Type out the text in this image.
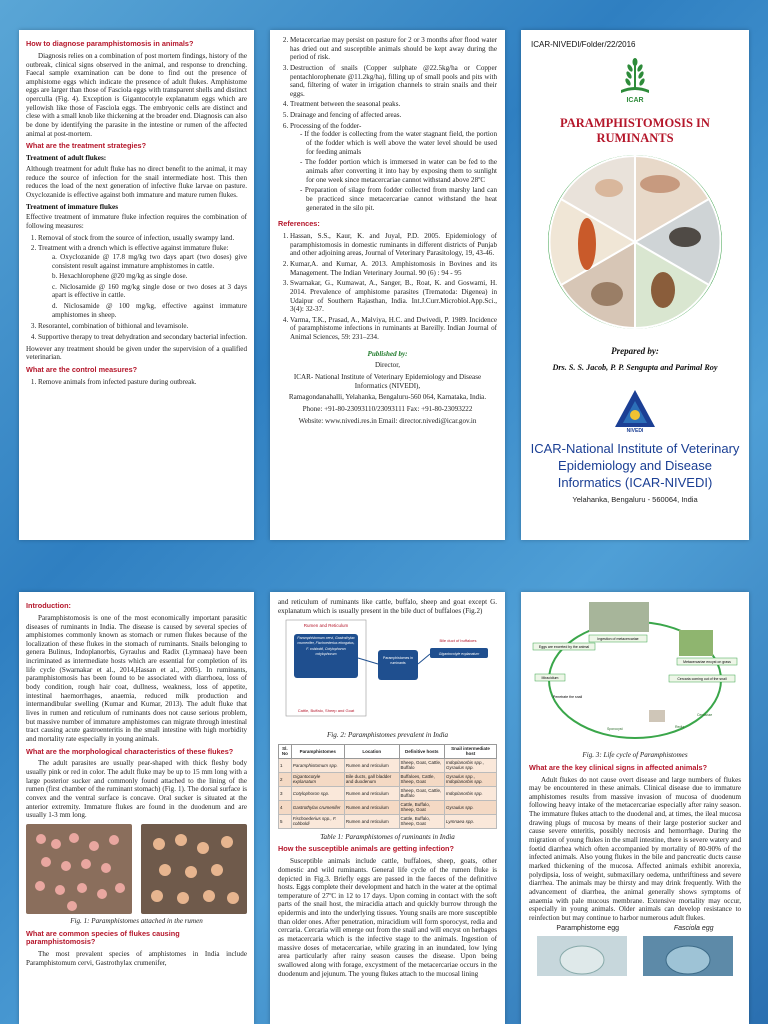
How to diagnose paramphistomosis in animals?

Diagnosis relies on a combination of post mortem findings, history of the outbreak, clinical signs observed in the animal, and response to drenching. Faecal sample examination can be done to find out the presence of amphistome eggs which indicate the presence of adult flukes. Amphistome eggs are larger than those of Fasciola eggs with transparent shells and distinct operculla (Fig. 4). Exception is Gigantocotyle explanatum eggs which are yellowish like those of Fasciola eggs. The embryonic cells are distinct and clese with a small knob like thickening at the broader end. Diagnosis can also be done by identifying the parasite in the intestine or rumen of the affected animal at post-mortem.

What are the treatment strategies?
Treatment of adult flukes:

Although treatment for adult fluke has no direct benefit to the animal, it may reduce the source of infection for the snail intermediate host. This then reduces the load of the next generation of infective fluke larvae on pasture. Oxyclozanide is effective against both immature and mature rumen flukes.

Treatment of immature flukes

Effective treatment of immature fluke infection requires the combination of following measures:

1. Removal of stock from the source of infection, usually swampy land.
2. Treatment with a drench which is effective against immature fluke:
a. Oxyclozanide @ 17.8 mg/kg two days apart (two doses) give consistent result against immature amphistomes in cattle.
b. Hexachlorophene @20 mg/kg as single dose.
c. Niclosamide @ 160 mg/kg single dose or two doses at 3 days apart is effective in cattle.
d. Niclosamide @ 100 mg/kg, effective against immature amphistomes in sheep.
3. Resorantel, combination of bithional and levamisole.
4. Supportive therapy to treat dehydration and secondary bacterial infection.

However any treatment should be given under the supervision of a qualified veterinarian.

What are the control measures?
1. Remove animals from infected pasture during outbreak.
2. Metacercariae may persist on pasture for 2 or 3 months after flood water has dried out and susceptible animals should be kept away during the period of risk.
3. Destruction of snails (Copper sulphate @22.5kg/ha or Copper pentachlorophenate @11.2kg/ha), filling up of small pools and pits with sand, filtering of water in irrigation channels to strain snails and their eggs.
4. Treatment between the seasonal peaks.
5. Drainage and fencing of affected areas.
6. Processing of the fodder-
- If the fodder is collecting from the water stagnant field, the portion of the fodder which is well above the water level should be used for feeding animals
- The fodder portion which is immersed in water can be fed to the animals after converting it into hay by exposing them to sunlight for one week since metacercariae cannot withstand above 28ºC
- Preparation of silage from fodder collected from marshy land can be practiced since metacercariae cannot withstand the heat generated in the silo pit.
References:
1. Hassan, S.S., Kaur, K. and Juyal, P.D. 2005. Epidemiology of paramphistomosis in domestic ruminants in different districts of Punjab and other adjoining areas, Journal of Veterinary Parasitology, 19, 43-46.
2. Kumar,A. and Kumar, A. 2013. Amphistomosis in Bovines and its Management. The Indian Veterinary Journal. 90 (6) : 94 - 95
3. Swarnakar, G., Kumawat, A., Sanger, B., Roat, K. and Goswami, H. 2014. Prevalence of amphistome parasites (Trematoda: Digenea) in Udaipur of Southern Rajasthan, India. Int.J.Curr.Microbiol.App.Sci., 3(4): 32-37.
4. Varma, T.K., Prasad, A., Malviya, H.C. and Dwivedi, P. 1989. Incidence of paramphistome infections in ruminants at Bareilly. Indian Journal of Animal Sciences, 59: 231–234.

Published by:

Director,

ICAR- National Institute of Veterinary Epidemiology and Disease Informatics (NIVEDI),

Ramagondanahalli, Yelahanka, Bengaluru-560 064, Karnataka, India.

Phone: +91-80-23093110/23093111 Fax: +91-80-23093222

Website: www.nivedi.res.in Email: director.nivedi@icar.gov.in

ICAR-NIVEDI/Folder/22/2016
ICAR
PARAMPHISTOMOSIS IN RUMINANTS
Prepared by:
Drs. S. S. Jacob, P. P. Sengupta and Parimal Roy
NIVEDI
ICAR-National Institute of Veterinary Epidemiology and Disease Informatics (ICAR-NIVEDI)
Yelahanka, Bengaluru - 560064, India
Introduction:

Paramphistomosis is one of the most economically important parasitic diseases of ruminants in India. The disease is caused by several species of amphistomes commonly known as stomach or rumen flukes because of the localization of these flukes in the stomach of ruminants. Snails belonging to genera Bulinus, Indoplanorbis, Gyraulus and Radix (Lymnaea) have been incriminated as intermediate hosts which are essential for completion of its life cycle (Swarnakar et al., 2014,Hassan et al., 2005). In ruminants, paramphistomosis has been found to be associated with diarrhoea, loss of body condition, rough hair coat, dullness, weakness, loss of appetite, intestinal haemorrhages, anaemia, reduced milk production and intermandibular swelling (Kumar and Kumar, 2013). The adult fluke that lives in rumen and reticulum of ruminants does not cause serious problem, but massive number of immature amphistomes can migrate through intestinal tract causing acute gastroenteritis in the small intestine with high morbidity and mortality rate especially in young animals.

What are the morphological characteristics of these flukes?

The adult parasites are usually pear-shaped with thick fleshy body usually pink or red in color. The adult fluke may be up to 15 mm long with a large posterior sucker and commonly found attached to the lining of the rumen (first chamber of the ruminant stomach) (Fig. 1). The dorsal surface is convex and the ventral surface is concave. Oral sucker is situated at the anterior extremity. Immature flukes are found in the duodenum and are usually 1-3 mm long.

Fig. 1: Paramphistomes attached in the rumen

What are common species of flukes causing paramphistomosis?

The most prevalent species of amphistomes in India include Paramphistomum cervi, Gastrothylax crumenifer,

and reticulum of ruminants like cattle, buffalo, sheep and goat except G. explanatum which is usually present in the bile duct of buffaloes (Fig.2)

Rumen and Reticulum
Paramphistomum cervi, Gastrothylax crumenifer, Fischoederius elongatus, F. cobboldi, Cotylophoron cotylophorum
Paramphistomes in ruminants
Bile duct of buffaloes
Gigantocotyle explanatum
Cattle, Buffalo, Sheep and Goat

Fig. 2: Paramphistomes prevalent in India

Sl. No	Paramphistomes	Location	Definitive hosts	Snail intermediate host
1	Paramphistomum spp.	Rumen and reticulum	Sheep, Goat, Cattle, Buffalo	Indoplanorbis spp., Gyraulus spp.
2	Gigantocotyle explanatum	Bile ducts, gall bladder and duodenum	Buffaloes, Cattle, Sheep, Goat	Gyraulus spp., Indoplanorbis spp.
3	Cotylophoron spp.	Rumen and reticulum	Sheep, Goat, Cattle, Buffalo	Indoplanorbis spp.
4	Gastrothylax crumenifer	Rumen and reticulum	Cattle, Buffalo, Sheep, Goat	Gyraulus spp.
5	Fischoederius spp., F. cobboldi	Rumen and reticulum	Cattle, Buffalo, Sheep, Goat	Lymnaea spp.

Table 1: Paramphistomes of ruminants in India

How the susceptible animals are getting infection?

Susceptible animals include cattle, buffaloes, sheep, goats, other domestic and wild ruminants. General life cycle of the rumen fluke is depicted in Fig.3. Briefly eggs are passed in the faeces of the definitive hosts. Eggs complete their development and hatch in the water at the optimal temperature of 27ºC in 12 to 17 days. Upon coming in contact with the soft parts of the snail host, the miracidia attach and quickly burrow through the epidermis and into the underlying tissues. Young snails are more susceptible than older ones. After penetration, miracidium will form sporocyst, redia and cercaria. Cercaria will emerge out from the snail and will encyst on herbages as metacercaria which is the infective stage to the animals. Ingestion of massive doses of metacercariae, while grazing in an inundated, low lying area particularly after rainy season causes the disease. Upon being swallowed along with forage, excystment of the metacercariae occurs in the duodenum and jejunum. The young flukes attach to the mucosal lining

Ingestion of metacercariae
Eggs are excreted by the animal
Metacercariae encyst on grass
Miracidium	Cercaria coming out of the snail
Penetrate the snail
Sporocyst	Redia
Cercariae

Fig. 3: Life cycle of Paramphistomes

What are the key clinical signs in affected animals?

Adult flukes do not cause overt disease and large numbers of flukes may be encountered in these animals. Clinical disease due to immature amphistomes results from massive invasion of mucosa of duodenum following heavy intake of the metacercariae especially after rainy season. The immature flukes attach to the duodenal and, at times, the ileal mucosa drawing plugs of mucosa by means of their large posterior sucker and cause severe enteritis, possibly necrosis and hemorrhage. During the migration of young flukes in the small intestine, there is severe watery and foetid diarrhea which often accompanied by mortality of 80-90% of the infected animals. Also young flukes in the bile and pancreatic ducts cause marked thickening of the mucosa. Affected animals exhibit anorexia, polydipsia, loss of weight, submaxillary oedema, unthriftiness and severe diarrhea. The animals may be thirsty and may drink frequently. With the advancement of diarrhea, the animal generally shows symptoms of anaemia with pale mucous membrane. Extensive mortality may occur, especially in young animals. Older animals can develop resistance to reinfection but may continue to harbor numerous adult flukes.

Paramphistome egg	Fasciola egg
